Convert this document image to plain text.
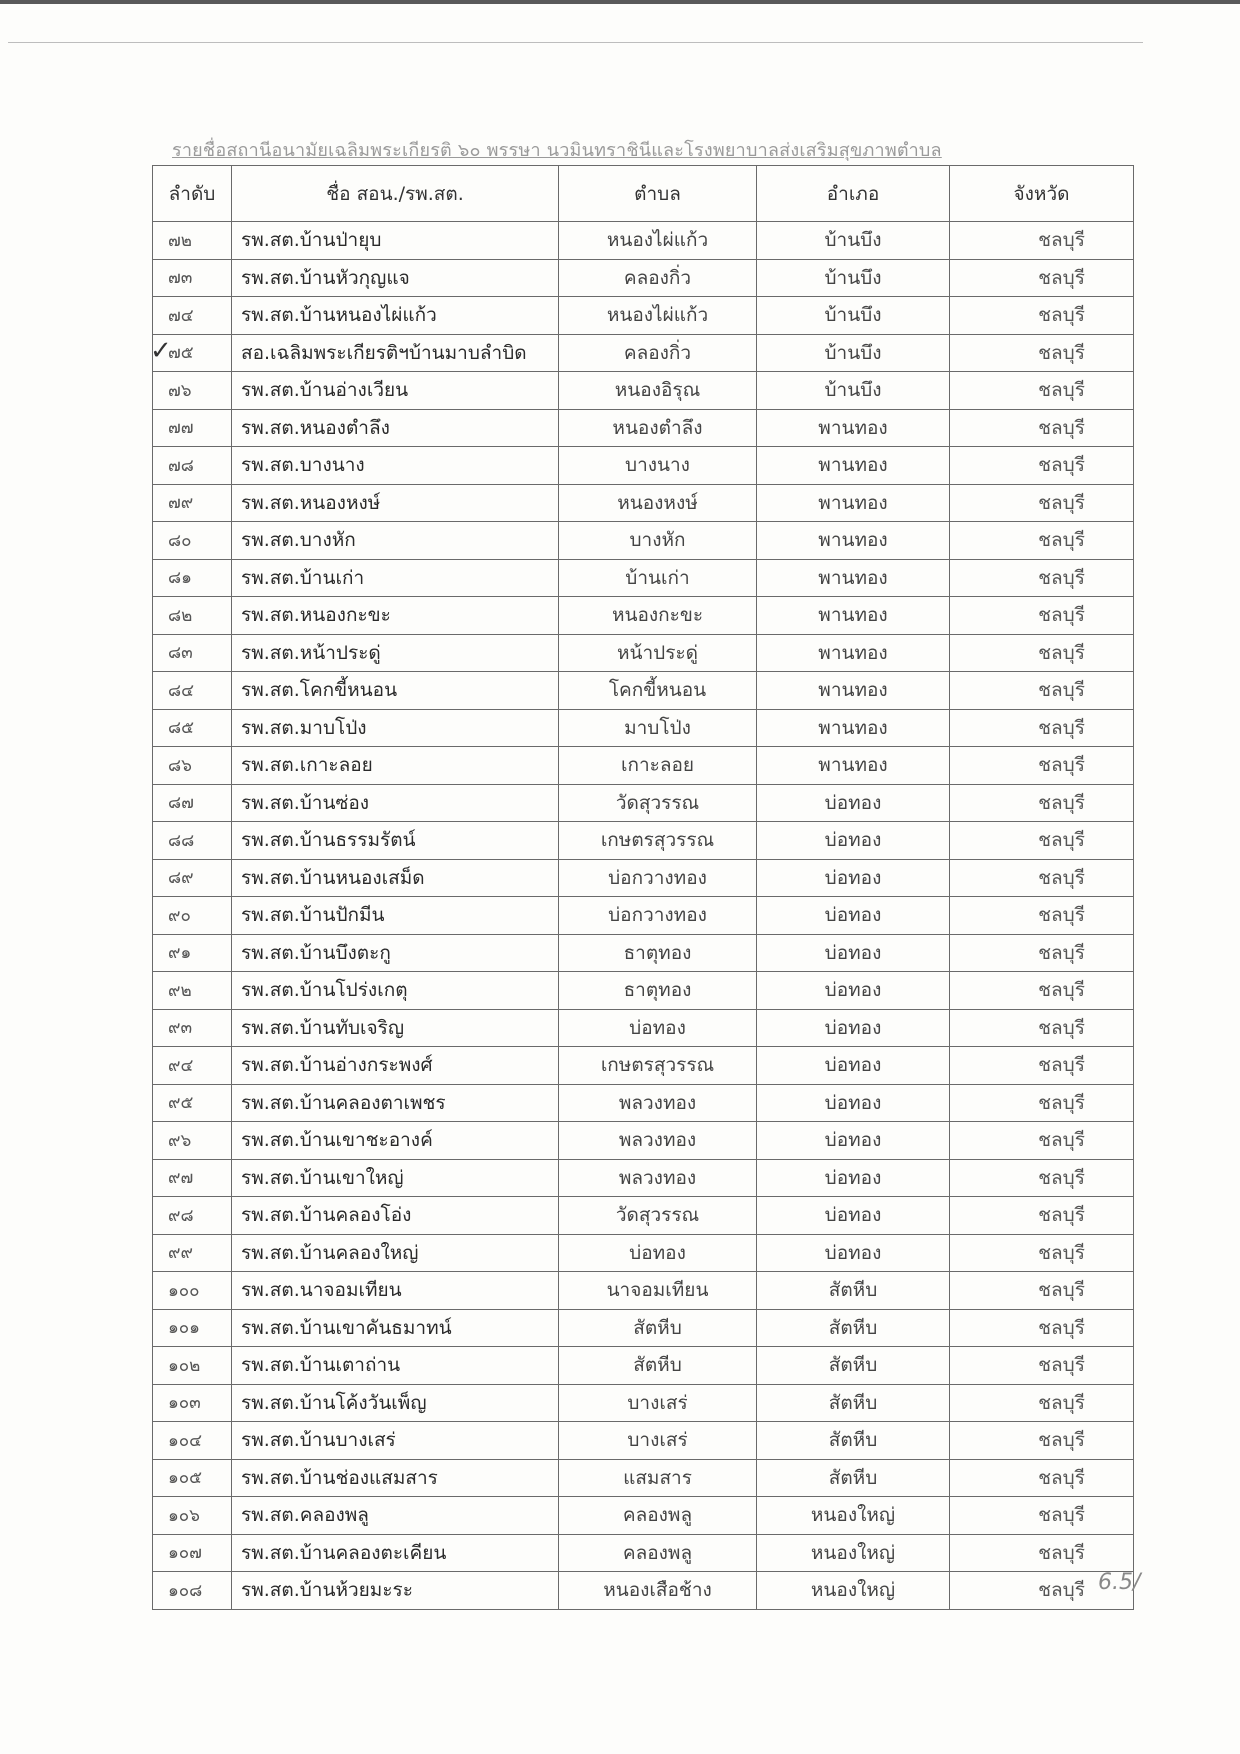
รายชื่อสถานีอนามัยเฉลิมพระเกียรติ ๖๐ พรรษา นวมินทราชินีและโรงพยาบาลส่งเสริมสุขภาพตำบล
✓
ลำดับ	ชื่อ สอน./รพ.สต.	ตำบล	อำเภอ	จังหวัด
๗๒	รพ.สต.บ้านป่ายุบ	หนองไผ่แก้ว	บ้านบึง	ชลบุรี
๗๓	รพ.สต.บ้านหัวกุญแจ	คลองกิ่ว	บ้านบึง	ชลบุรี
๗๔	รพ.สต.บ้านหนองไผ่แก้ว	หนองไผ่แก้ว	บ้านบึง	ชลบุรี
๗๕	สอ.เฉลิมพระเกียรติฯบ้านมาบลำบิด	คลองกิ่ว	บ้านบึง	ชลบุรี
๗๖	รพ.สต.บ้านอ่างเวียน	หนองอิรุณ	บ้านบึง	ชลบุรี
๗๗	รพ.สต.หนองตำลึง	หนองตำลึง	พานทอง	ชลบุรี
๗๘	รพ.สต.บางนาง	บางนาง	พานทอง	ชลบุรี
๗๙	รพ.สต.หนองหงษ์	หนองหงษ์	พานทอง	ชลบุรี
๘๐	รพ.สต.บางหัก	บางหัก	พานทอง	ชลบุรี
๘๑	รพ.สต.บ้านเก่า	บ้านเก่า	พานทอง	ชลบุรี
๘๒	รพ.สต.หนองกะขะ	หนองกะขะ	พานทอง	ชลบุรี
๘๓	รพ.สต.หน้าประดู่	หน้าประดู่	พานทอง	ชลบุรี
๘๔	รพ.สต.โคกขี้หนอน	โคกขี้หนอน	พานทอง	ชลบุรี
๘๕	รพ.สต.มาบโป่ง	มาบโป่ง	พานทอง	ชลบุรี
๘๖	รพ.สต.เกาะลอย	เกาะลอย	พานทอง	ชลบุรี
๘๗	รพ.สต.บ้านซ่อง	วัดสุวรรณ	บ่อทอง	ชลบุรี
๘๘	รพ.สต.บ้านธรรมรัตน์	เกษตรสุวรรณ	บ่อทอง	ชลบุรี
๘๙	รพ.สต.บ้านหนองเสม็ด	บ่อกวางทอง	บ่อทอง	ชลบุรี
๙๐	รพ.สต.บ้านปักมีน	บ่อกวางทอง	บ่อทอง	ชลบุรี
๙๑	รพ.สต.บ้านบึงตะกู	ธาตุทอง	บ่อทอง	ชลบุรี
๙๒	รพ.สต.บ้านโปร่งเกตุ	ธาตุทอง	บ่อทอง	ชลบุรี
๙๓	รพ.สต.บ้านทับเจริญ	บ่อทอง	บ่อทอง	ชลบุรี
๙๔	รพ.สต.บ้านอ่างกระพงศ์	เกษตรสุวรรณ	บ่อทอง	ชลบุรี
๙๕	รพ.สต.บ้านคลองตาเพชร	พลวงทอง	บ่อทอง	ชลบุรี
๙๖	รพ.สต.บ้านเขาชะอางค์	พลวงทอง	บ่อทอง	ชลบุรี
๙๗	รพ.สต.บ้านเขาใหญ่	พลวงทอง	บ่อทอง	ชลบุรี
๙๘	รพ.สต.บ้านคลองโอ่ง	วัดสุวรรณ	บ่อทอง	ชลบุรี
๙๙	รพ.สต.บ้านคลองใหญ่	บ่อทอง	บ่อทอง	ชลบุรี
๑๐๐	รพ.สต.นาจอมเทียน	นาจอมเทียน	สัตหีบ	ชลบุรี
๑๐๑	รพ.สต.บ้านเขาคันธมาทน์	สัตหีบ	สัตหีบ	ชลบุรี
๑๐๒	รพ.สต.บ้านเตาถ่าน	สัตหีบ	สัตหีบ	ชลบุรี
๑๐๓	รพ.สต.บ้านโค้งวันเพ็ญ	บางเสร่	สัตหีบ	ชลบุรี
๑๐๔	รพ.สต.บ้านบางเสร่	บางเสร่	สัตหีบ	ชลบุรี
๑๐๕	รพ.สต.บ้านช่องแสมสาร	แสมสาร	สัตหีบ	ชลบุรี
๑๐๖	รพ.สต.คลองพลู	คลองพลู	หนองใหญ่	ชลบุรี
๑๐๗	รพ.สต.บ้านคลองตะเคียน	คลองพลู	หนองใหญ่	ชลบุรี
๑๐๘	รพ.สต.บ้านห้วยมะระ	หนองเสือช้าง	หนองใหญ่	ชลบุรี 6.5/
